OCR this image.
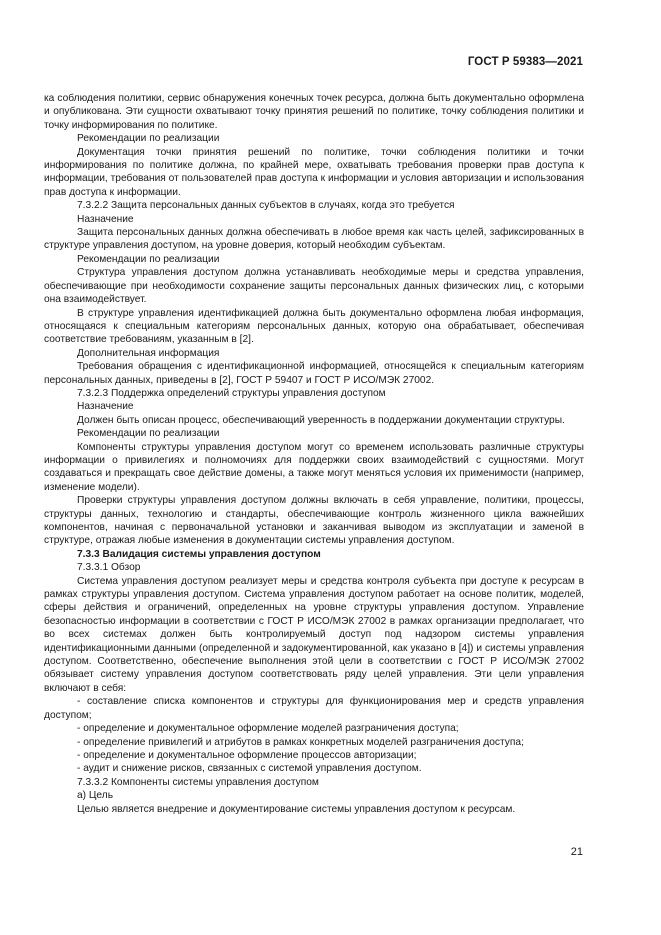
ГОСТ Р 59383—2021

ка соблюдения политики, сервис обнаружения конечных точек ресурса, должна быть документально оформлена и опубликована. Эти сущности охватывают точку принятия решений по политике, точку соблюдения политики и точку информирования по политике.

Рекомендации по реализации

Документация точки принятия решений по политике, точки соблюдения политики и точки информирования по политике должна, по крайней мере, охватывать требования проверки прав доступа к информации, требования от пользователей прав доступа к информации и условия авторизации и использования прав доступа к информации.

7.3.2.2 Защита персональных данных субъектов в случаях, когда это требуется

Назначение

Защита персональных данных должна обеспечивать в любое время как часть целей, зафиксированных в структуре управления доступом, на уровне доверия, который необходим субъектам.

Рекомендации по реализации

Структура управления доступом должна устанавливать необходимые меры и средства управления, обеспечивающие при необходимости сохранение защиты персональных данных физических лиц, с которыми она взаимодействует.

В структуре управления идентификацией должна быть документально оформлена любая информация, относящаяся к специальным категориям персональных данных, которую она обрабатывает, обеспечивая соответствие требованиям, указанным в [2].

Дополнительная информация

Требования обращения с идентификационной информацией, относящейся к специальным категориям персональных данных, приведены в [2], ГОСТ Р 59407 и ГОСТ Р ИСО/МЭК 27002.

7.3.2.3 Поддержка определений структуры управления доступом

Назначение

Должен быть описан процесс, обеспечивающий уверенность в поддержании документации структуры.

Рекомендации по реализации

Компоненты структуры управления доступом могут со временем использовать различные структуры информации о привилегиях и полномочиях для поддержки своих взаимодействий с сущностями. Могут создаваться и прекращать свое действие домены, а также могут меняться условия их применимости (например, изменение модели).

Проверки структуры управления доступом должны включать в себя управление, политики, процессы, структуры данных, технологию и стандарты, обеспечивающие контроль жизненного цикла важнейших компонентов, начиная с первоначальной установки и заканчивая выводом из эксплуатации и заменой в структуре, отражая любые изменения в документации системы управления доступом.

7.3.3 Валидация системы управления доступом

7.3.3.1 Обзор

Система управления доступом реализует меры и средства контроля субъекта при доступе к ресурсам в рамках структуры управления доступом. Система управления доступом работает на основе политик, моделей, сферы действия и ограничений, определенных на уровне структуры управления доступом. Управление безопасностью информации в соответствии с ГОСТ Р ИСО/МЭК 27002 в рамках организации предполагает, что во всех системах должен быть контролируемый доступ под надзором системы управления идентификационными данными (определенной и задокументированной, как указано в [4]) и системы управления доступом. Соответственно, обеспечение выполнения этой цели в соответствии с ГОСТ Р ИСО/МЭК 27002 обязывает систему управления доступом соответствовать ряду целей управления. Эти цели управления включают в себя:

- составление списка компонентов и структуры для функционирования мер и средств управления доступом;

- определение и документальное оформление моделей разграничения доступа;

- определение привилегий и атрибутов в рамках конкретных моделей разграничения доступа;

- определение и документальное оформление процессов авторизации;

- аудит и снижение рисков, связанных с системой управления доступом.

7.3.3.2 Компоненты системы управления доступом

а) Цель

Целью является внедрение и документирование системы управления доступом к ресурсам.

21
